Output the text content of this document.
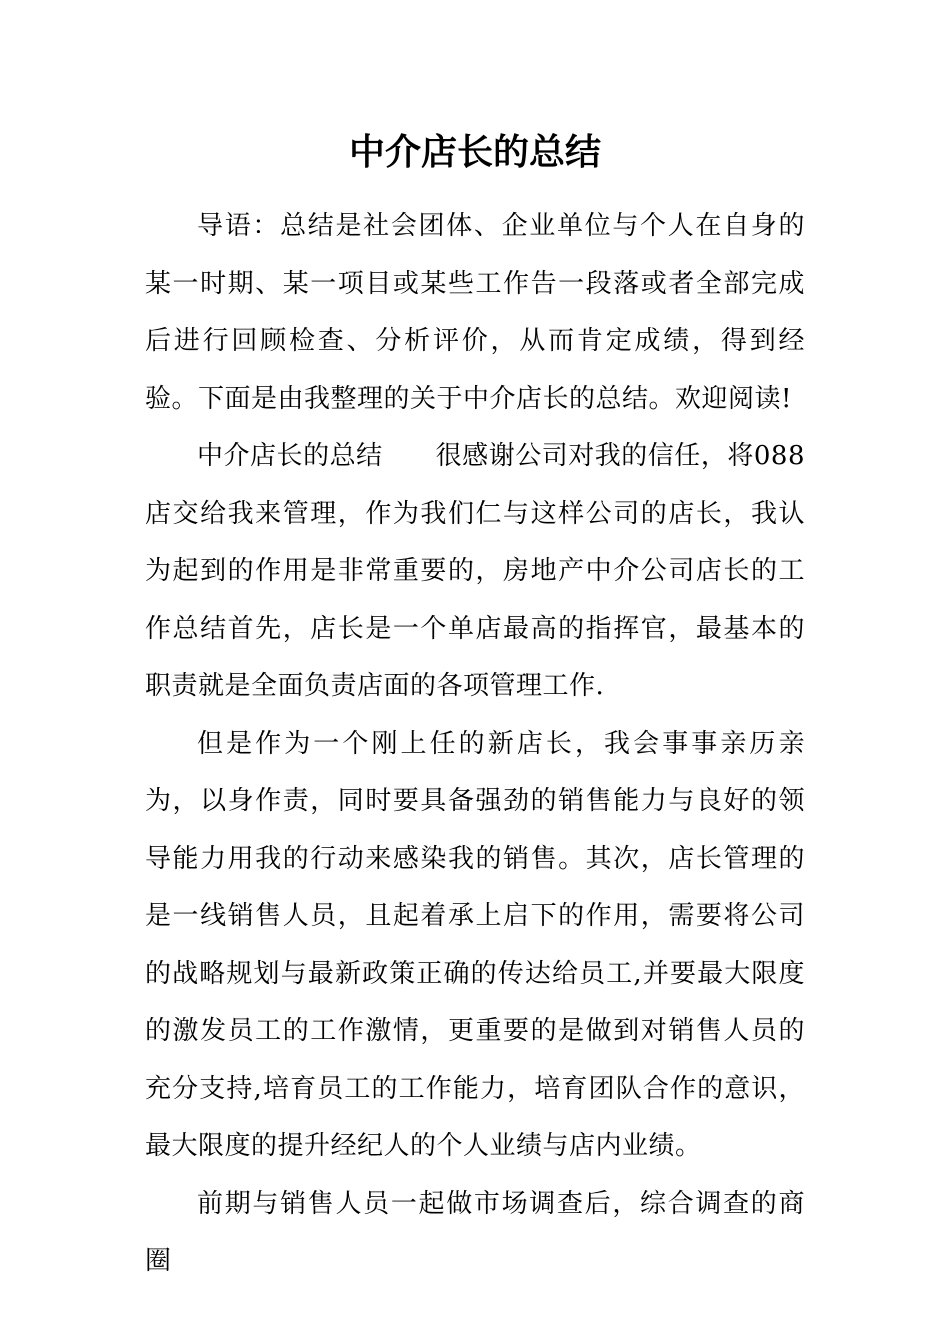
中介店长的总结

导语：总结是社会团体、企业单位与个人在自身的某一时期、某一项目或某些工作告一段落或者全部完成后进行回顾检查、分析评价，从而肯定成绩，得到经验。下面是由我整理的关于中介店长的总结。欢迎阅读!

中介店长的总结　　很感谢公司对我的信任，将088店交给我来管理，作为我们仁与这样公司的店长，我认为起到的作用是非常重要的，房地产中介公司店长的工作总结首先，店长是一个单店最高的指挥官，最基本的职责就是全面负责店面的各项管理工作.

但是作为一个刚上任的新店长，我会事事亲历亲为，以身作责，同时要具备强劲的销售能力与良好的领导能力用我的行动来感染我的销售。其次，店长管理的是一线销售人员，且起着承上启下的作用，需要将公司的战略规划与最新政策正确的传达给员工,并要最大限度的激发员工的工作激情，更重要的是做到对销售人员的充分支持,培育员工的工作能力，培育团队合作的意识，最大限度的提升经纪人的个人业绩与店内业绩。

前期与销售人员一起做市场调查后，综合调查的商圈
